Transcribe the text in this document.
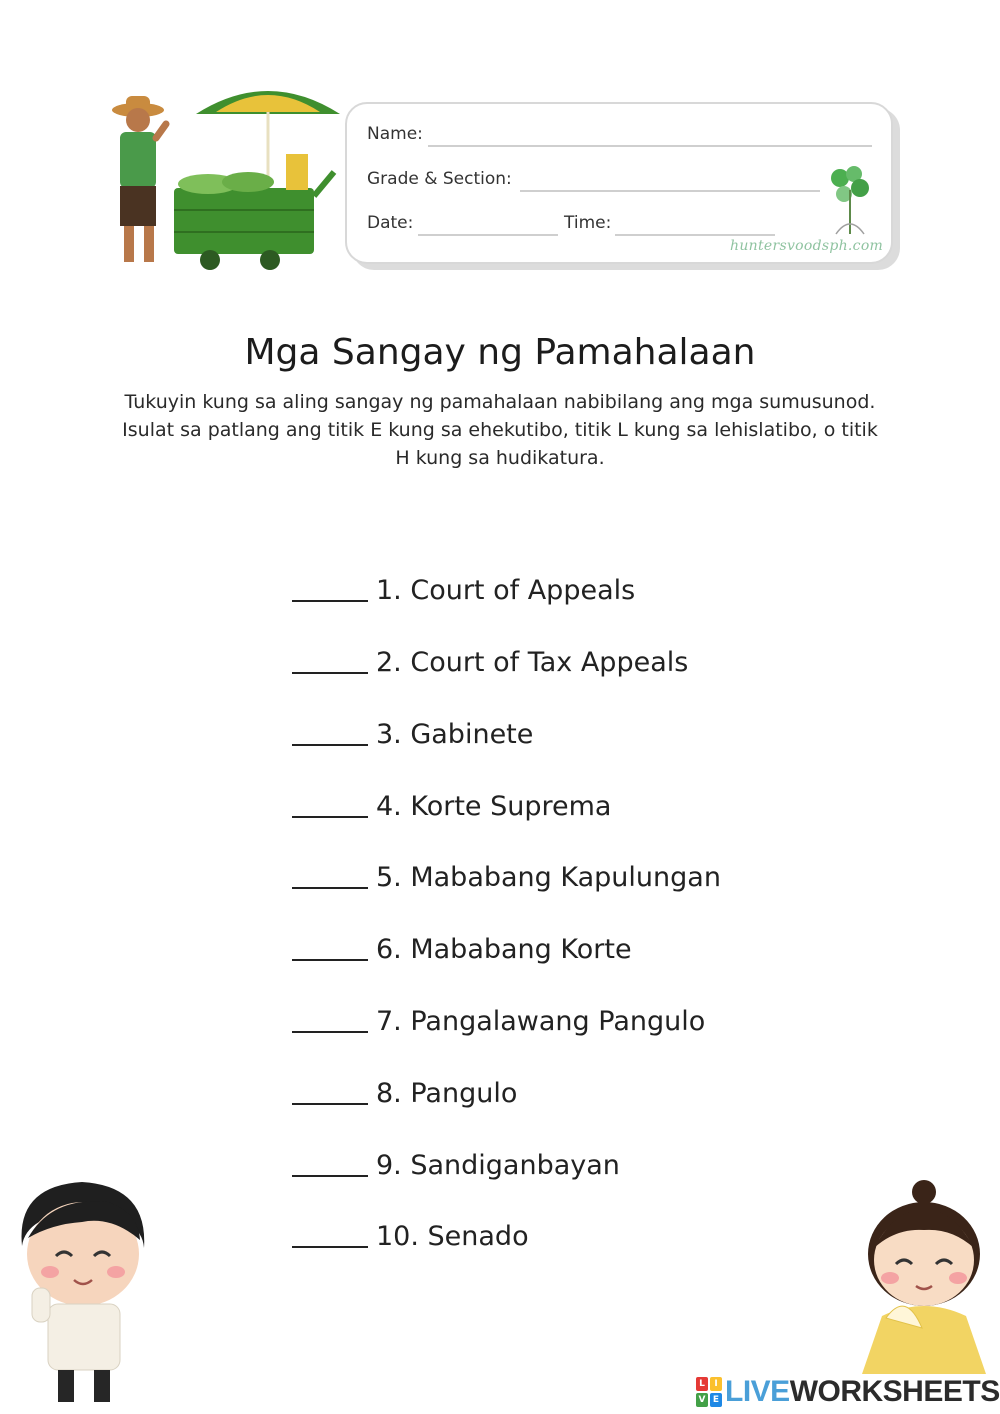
Name:
Grade & Section:
Date:	Time:
huntersvoodsph.com
Mga Sangay ng Pamahalaan
Tukuyin kung sa aling sangay ng pamahalaan nabibilang ang mga sumusunod. Isulat sa patlang ang titik E kung sa ehekutibo, titik L kung sa lehislatibo, o titik H kung sa hudikatura.
1. Court of Appeals
2. Court of Tax Appeals
3. Gabinete
4. Korte Suprema
5. Mababang Kapulungan
6. Mababang Korte
7. Pangalawang Pangulo
8. Pangulo
9. Sandiganbayan
10. Senado
L	I
V E LIVEWORKSHEETS
